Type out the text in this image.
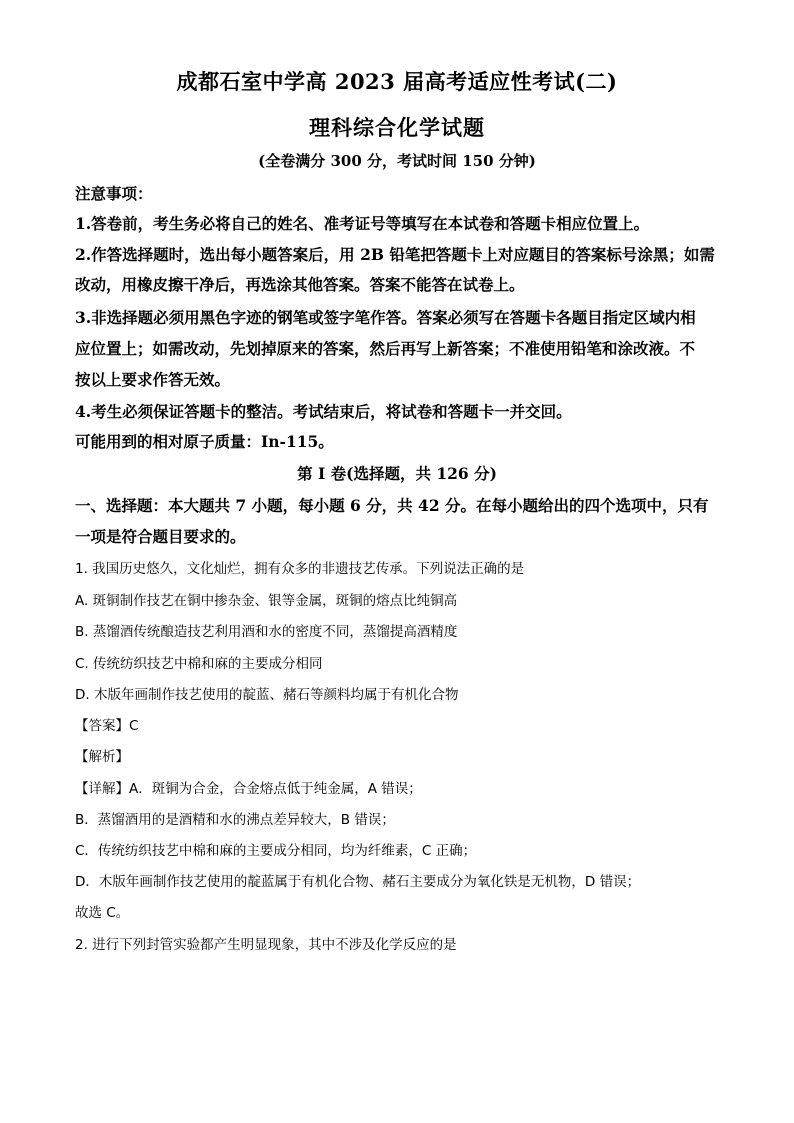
成都石室中学高 2023 届高考适应性考试(二)
理科综合化学试题
(全卷满分 300 分，考试时间 150 分钟)
注意事项：
1.答卷前，考生务必将自己的姓名、准考证号等填写在本试卷和答题卡相应位置上。
2.作答选择题时，选出每小题答案后，用 2B 铅笔把答题卡上对应题目的答案标号涂黑；如需
改动，用橡皮擦干净后，再选涂其他答案。答案不能答在试卷上。
3.非选择题必须用黑色字迹的钢笔或签字笔作答。答案必须写在答题卡各题目指定区域内相
应位置上；如需改动，先划掉原来的答案，然后再写上新答案；不准使用铅笔和涂改液。不
按以上要求作答无效。
4.考生必须保证答题卡的整洁。考试结束后，将试卷和答题卡一并交回。
可能用到的相对原子质量：In-115。
第 I 卷(选择题，共 126 分)
一、选择题：本大题共 7 小题，每小题 6 分，共 42 分。在每小题给出的四个选项中，只有
一项是符合题目要求的。
1. 我国历史悠久，文化灿烂，拥有众多的非遗技艺传承。下列说法正确的是
A. 斑铜制作技艺在铜中掺杂金、银等金属，斑铜的熔点比纯铜高
B. 蒸馏酒传统酿造技艺利用酒和水的密度不同，蒸馏提高酒精度
C. 传统纺织技艺中棉和麻的主要成分相同
D. 木版年画制作技艺使用的靛蓝、赭石等颜料均属于有机化合物
【答案】C
【解析】
【详解】A．斑铜为合金，合金熔点低于纯金属，A 错误；
B．蒸馏酒用的是酒精和水的沸点差异较大，B 错误；
C．传统纺织技艺中棉和麻的主要成分相同，均为纤维素，C 正确；
D．木版年画制作技艺使用的靛蓝属于有机化合物、赭石主要成分为氧化铁是无机物，D 错误；
故选 C。
2. 进行下列封管实验都产生明显现象，其中不涉及化学反应的是
